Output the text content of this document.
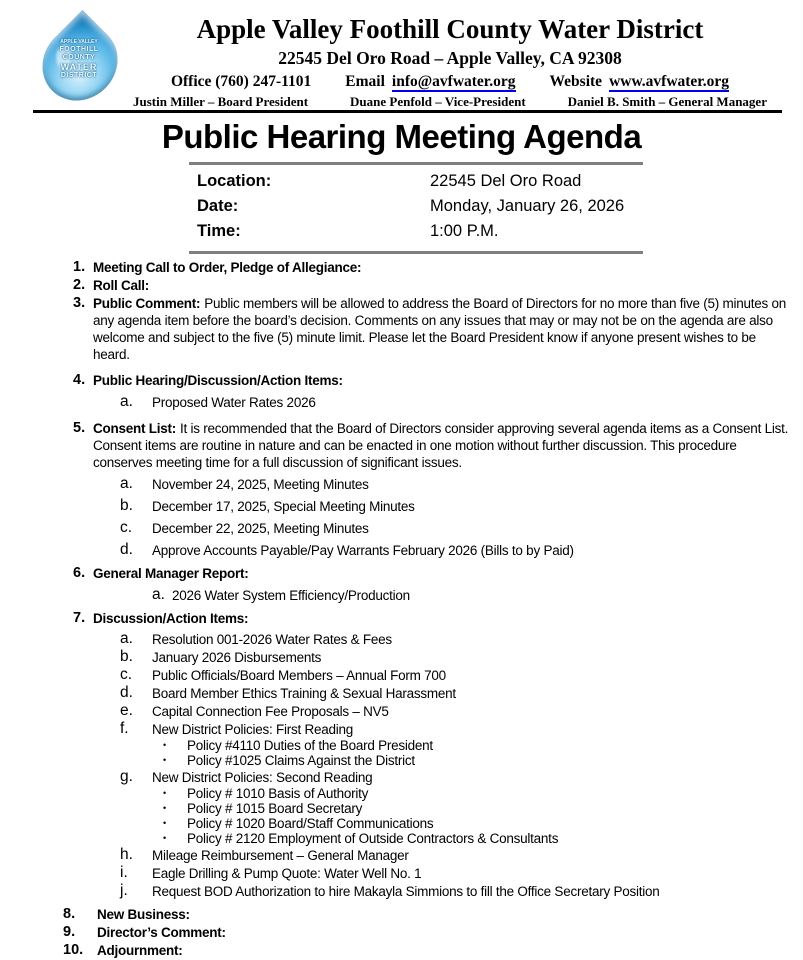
APPLE VALLEY
FOOTHILL
COUNTY
WATER
DISTRICT
Apple Valley Foothill County Water District
22545 Del Oro Road – Apple Valley, CA 92308
Office (760) 247-1101 Email info@avfwater.org Website www.avfwater.org
Justin Miller – Board President	Duane Penfold – Vice-President	Daniel B. Smith – General Manager
Public Hearing Meeting Agenda
Location:	22545 Del Oro Road
Date:	Monday, January 26, 2026
Time:	1:00 P.M.
1. Meeting Call to Order, Pledge of Allegiance:
2. Roll Call:
3. Public Comment: Public members will be allowed to address the Board of Directors for no more than five (5) minutes on any agenda item before the board’s decision. Comments on any issues that may or may not be on the agenda are also welcome and subject to the five (5) minute limit. Please let the Board President know if anyone present wishes to be heard.
4. Public Hearing/Discussion/Action Items:
a.	Proposed Water Rates 2026
5. Consent List: It is recommended that the Board of Directors consider approving several agenda items as a Consent List. Consent items are routine in nature and can be enacted in one motion without further discussion. This procedure conserves meeting time for a full discussion of significant issues.
a.	November 24, 2025, Meeting Minutes
b.	December 17, 2025, Special Meeting Minutes
c.	December 22, 2025, Meeting Minutes
d.	Approve Accounts Payable/Pay Warrants February 2026 (Bills to by Paid)
6. General Manager Report:
a. 2026 Water System Efficiency/Production
7. Discussion/Action Items:
a.	Resolution 001-2026 Water Rates & Fees
b.	January 2026 Disbursements
c.	Public Officials/Board Members – Annual Form 700
d.	Board Member Ethics Training & Sexual Harassment
e.	Capital Connection Fee Proposals – NV5
f.	New District Policies: First Reading
•	Policy #4110 Duties of the Board President
•	Policy #1025 Claims Against the District
g.	New District Policies: Second Reading
•	Policy # 1010 Basis of Authority
•	Policy # 1015 Board Secretary
•	Policy # 1020 Board/Staff Communications
•	Policy # 2120 Employment of Outside Contractors & Consultants
h.	Mileage Reimbursement – General Manager
i.	Eagle Drilling & Pump Quote: Water Well No. 1
j.	Request BOD Authorization to hire Makayla Simmions to fill the Office Secretary Position
8.	New Business:
9.	Director’s Comment:
10.	Adjournment:
